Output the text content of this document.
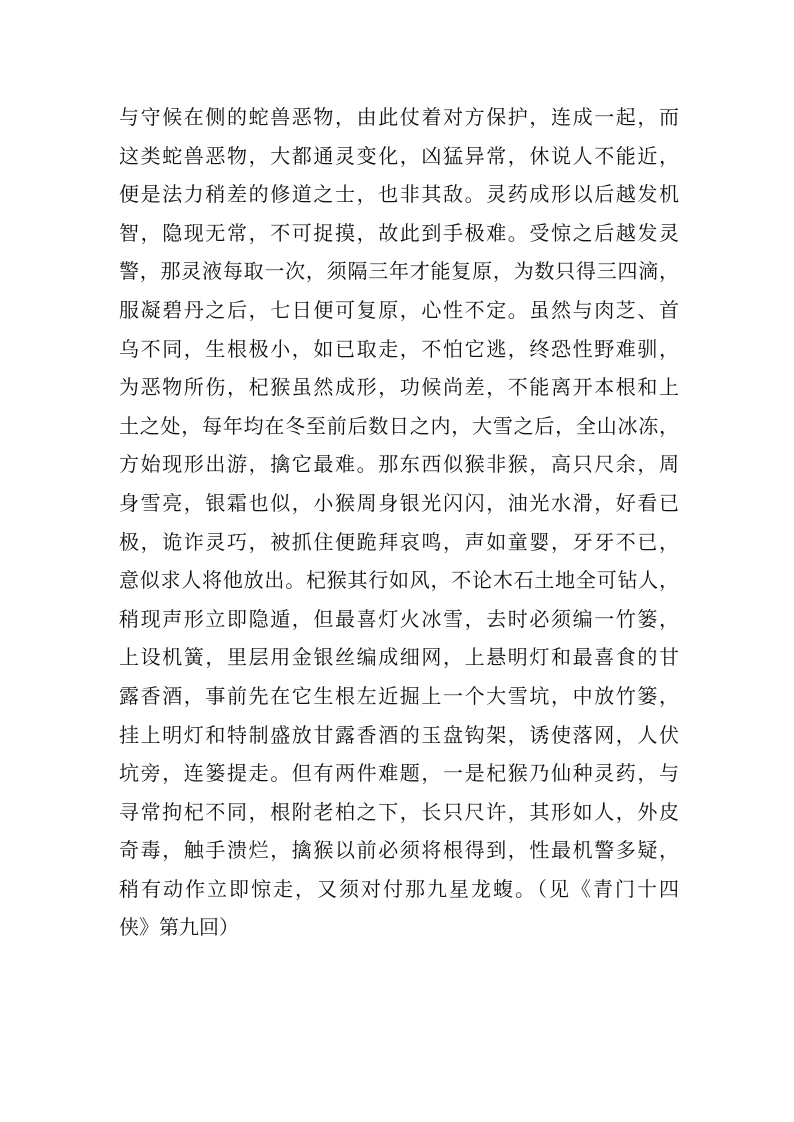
与守候在侧的蛇兽恶物，由此仗着对方保护，连成一起，而
这类蛇兽恶物，大都通灵变化，凶猛异常，休说人不能近，
便是法力稍差的修道之士，也非其敌。灵药成形以后越发机
智，隐现无常，不可捉摸，故此到手极难。受惊之后越发灵
警，那灵液每取一次，须隔三年才能复原，为数只得三四滴，
服凝碧丹之后，七日便可复原，心性不定。虽然与肉芝、首
乌不同，生根极小，如已取走，不怕它逃，终恐性野难驯，
为恶物所伤，杞猴虽然成形，功候尚差，不能离开本根和上
土之处，每年均在冬至前后数日之内，大雪之后，全山冰冻，
方始现形出游，擒它最难。那东西似猴非猴，高只尺余，周
身雪亮，银霜也似，小猴周身银光闪闪，油光水滑，好看已
极，诡诈灵巧，被抓住便跪拜哀鸣，声如童婴，牙牙不已，
意似求人将他放出。杞猴其行如风，不论木石土地全可钻人，
稍现声形立即隐遁，但最喜灯火冰雪，去时必须编一竹篓，
上设机簧，里层用金银丝编成细网，上悬明灯和最喜食的甘
露香酒，事前先在它生根左近掘上一个大雪坑，中放竹篓，
挂上明灯和特制盛放甘露香酒的玉盘钩架，诱使落网，人伏
坑旁，连篓提走。但有两件难题，一是杞猴乃仙种灵药，与
寻常拘杞不同，根附老柏之下，长只尺许，其形如人，外皮
奇毒，触手溃烂，擒猴以前必须将根得到，性最机警多疑，
稍有动作立即惊走，又须对付那九星龙蝮。（见《青门十四
侠》第九回）
